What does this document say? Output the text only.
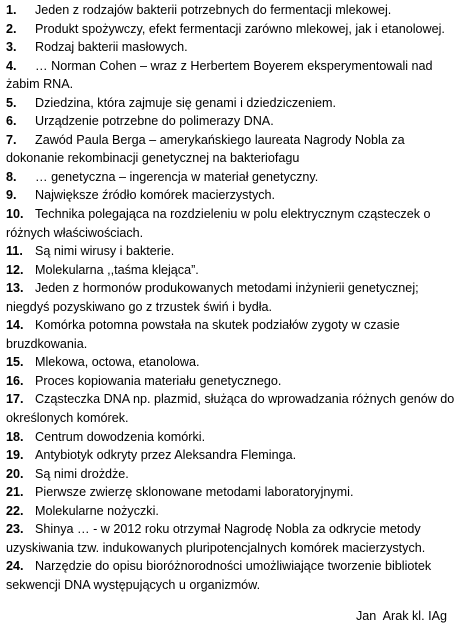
1.	Jeden z rodzajów bakterii potrzebnych do fermentacji mlekowej.
2.	Produkt spożywczy, efekt fermentacji zarówno mlekowej, jak i etanolowej.
3.	Rodzaj bakterii masłowych.
4.	… Norman Cohen – wraz z Herbertem Boyerem eksperymentowali nad
żabim RNA.
5.	Dziedzina, która zajmuje się genami i dziedziczeniem.
6.	Urządzenie potrzebne do polimerazy DNA.
7.	Zawód Paula Berga – amerykańskiego laureata Nagrody Nobla za
dokonanie rekombinacji genetycznej na bakteriofagu
8.	… genetyczna – ingerencja w materiał genetyczny.
9.	Największe źródło komórek macierzystych.
10. Technika polegająca na rozdzieleniu w polu elektrycznym cząsteczek o
różnych właściwościach.
11. Są nimi wirusy i bakterie.
12. Molekularna ,,taśma klejąca”.
13. Jeden z hormonów produkowanych metodami inżynierii genetycznej;
niegdyś pozyskiwano go z trzustek świń i bydła.
14. Komórka potomna powstała na skutek podziałów zygoty w czasie
bruzdkowania.
15. Mlekowa, octowa, etanolowa.
16. Proces kopiowania materiału genetycznego.
17. Cząsteczka DNA np. plazmid, służąca do wprowadzania różnych genów do
określonych komórek.
18. Centrum dowodzenia komórki.
19. Antybiotyk odkryty przez Aleksandra Fleminga.
20. Są nimi drożdże.
21. Pierwsze zwierzę sklonowane metodami laboratoryjnymi.
22. Molekularne nożyczki.
23. Shinya … - w 2012 roku otrzymał Nagrodę Nobla za odkrycie metody
uzyskiwania tzw. indukowanych pluripotencjalnych komórek macierzystych.
24. Narzędzie do opisu bioróżnorodności umożliwiające tworzenie bibliotek
sekwencji DNA występujących u organizmów.
Jan  Arak kl. IAg
